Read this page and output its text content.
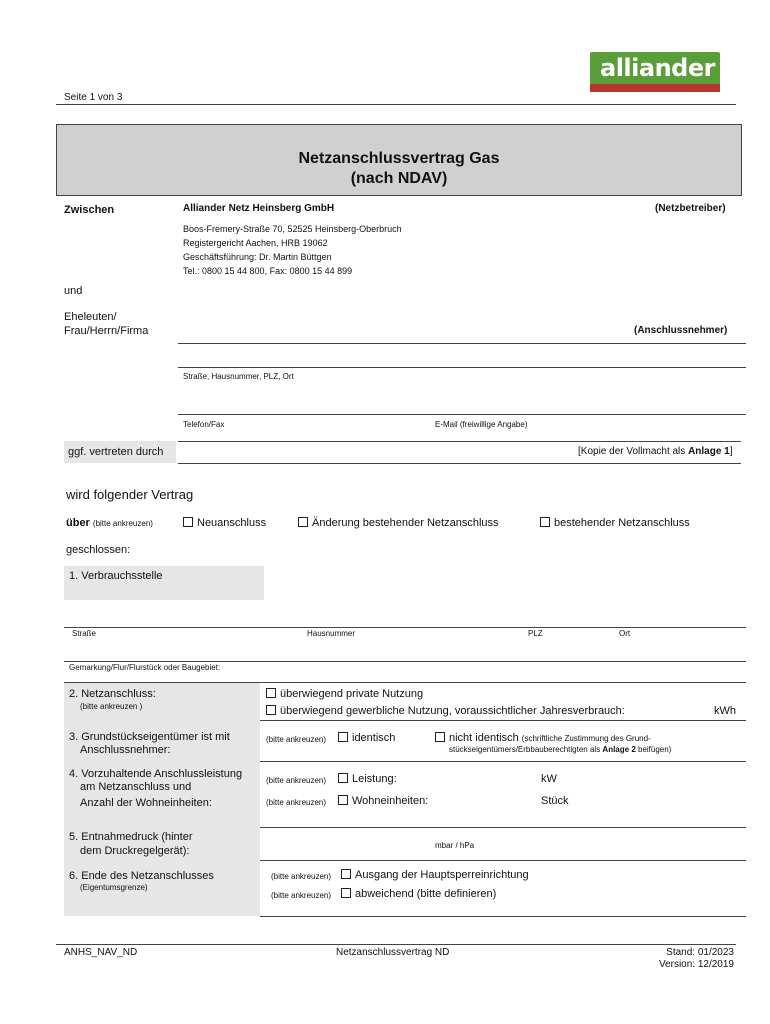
alliander
Seite 1 von 3
Netzanschlussvertrag Gas
(nach NDAV)
Zwischen	Alliander Netz Heinsberg GmbH	(Netzbetreiber)
Boos-Fremery-Straße 70, 52525 Heinsberg-Oberbruch
Registergericht Aachen, HRB 19062
Geschäftsführung: Dr. Martin Büttgen
Tel.: 0800 15 44 800, Fax: 0800 15 44 899
und
Eheleuten/
Frau/Herrn/Firma	(Anschlussnehmer)
Straße, Hausnummer, PLZ, Ort
Telefon/Fax	E-Mail (freiwillige Angabe)
ggf. vertreten durch	[Kopie der Vollmacht als Anlage 1]
wird folgender Vertrag
über (bitte ankreuzen)	Neuanschluss	Änderung bestehender Netzanschluss	bestehender Netzanschluss
geschlossen:
1. Verbrauchsstelle
Straße	Hausnummer	PLZ	Ort
Gemarkung/Flur/Flurstück oder Baugebiet:
2. Netzanschluss:
(bitte ankreuzen )
überwiegend private Nutzung
überwiegend gewerbliche Nutzung, voraussichtlicher Jahresverbrauch:	kWh
3. Grundstückseigentümer ist mit
Anschlussnehmer:
(bitte ankreuzen)	identisch	nicht identisch (schriftliche Zustimmung des Grund-
stückseigentümers/Erbbauberechtigten als Anlage 2 beifügen)
4. Vorzuhaltende Anschlussleistung
am Netzanschluss und
Anzahl der Wohneinheiten:
(bitte ankreuzen)	Leistung:	kW
(bitte ankreuzen)	Wohneinheiten:	Stück
5. Entnahmedruck (hinter
dem Druckregelgerät):	mbar / hPa
6. Ende des Netzanschlusses
(Eigentumsgrenze)
(bitte ankreuzen)	Ausgang der Hauptsperreinrichtung
(bitte ankreuzen)	abweichend (bitte definieren)
ANHS_NAV_ND	Netzanschlussvertrag ND	Stand: 01/2023
Version: 12/2019
